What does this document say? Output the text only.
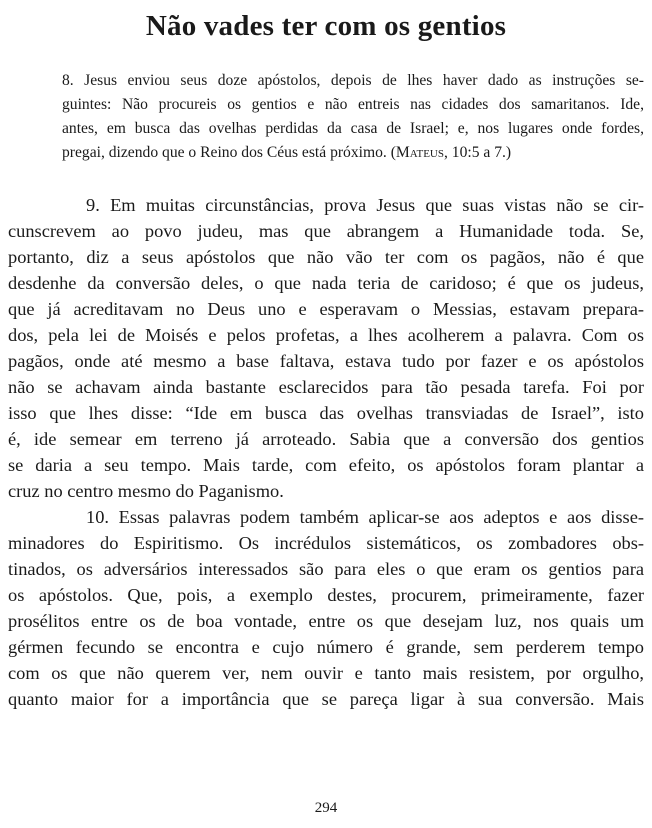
Não vades ter com os gentios
8. Jesus enviou seus doze apóstolos, depois de lhes haver dado as instruções se-
guintes: Não procureis os gentios e não entreis nas cidades dos samaritanos. Ide,
antes, em busca das ovelhas perdidas da casa de Israel; e, nos lugares onde fordes,
pregai, dizendo que o Reino dos Céus está próximo. (Mateus, 10:5 a 7.)

9. Em muitas circunstâncias, prova Jesus que suas vistas não se cir-
cunscrevem ao povo judeu, mas que abrangem a Humanidade toda. Se,
portanto, diz a seus apóstolos que não vão ter com os pagãos, não é que
desdenhe da conversão deles, o que nada teria de caridoso; é que os judeus,
que já acreditavam no Deus uno e esperavam o Messias, estavam prepara-
dos, pela lei de Moisés e pelos profetas, a lhes acolherem a palavra. Com os
pagãos, onde até mesmo a base faltava, estava tudo por fazer e os apóstolos
não se achavam ainda bastante esclarecidos para tão pesada tarefa. Foi por
isso que lhes disse: “Ide em busca das ovelhas transviadas de Israel”, isto
é, ide semear em terreno já arroteado. Sabia que a conversão dos gentios
se daria a seu tempo. Mais tarde, com efeito, os apóstolos foram plantar a
cruz no centro mesmo do Paganismo.

10. Essas palavras podem também aplicar-se aos adeptos e aos disse-
minadores do Espiritismo. Os incrédulos sistemáticos, os zombadores obs-
tinados, os adversários interessados são para eles o que eram os gentios para
os apóstolos. Que, pois, a exemplo destes, procurem, primeiramente, fazer
prosélitos entre os de boa vontade, entre os que desejam luz, nos quais um
gérmen fecundo se encontra e cujo número é grande, sem perderem tempo
com os que não querem ver, nem ouvir e tanto mais resistem, por orgulho,
quanto maior for a importância que se pareça ligar à sua conversão. Mais

294
